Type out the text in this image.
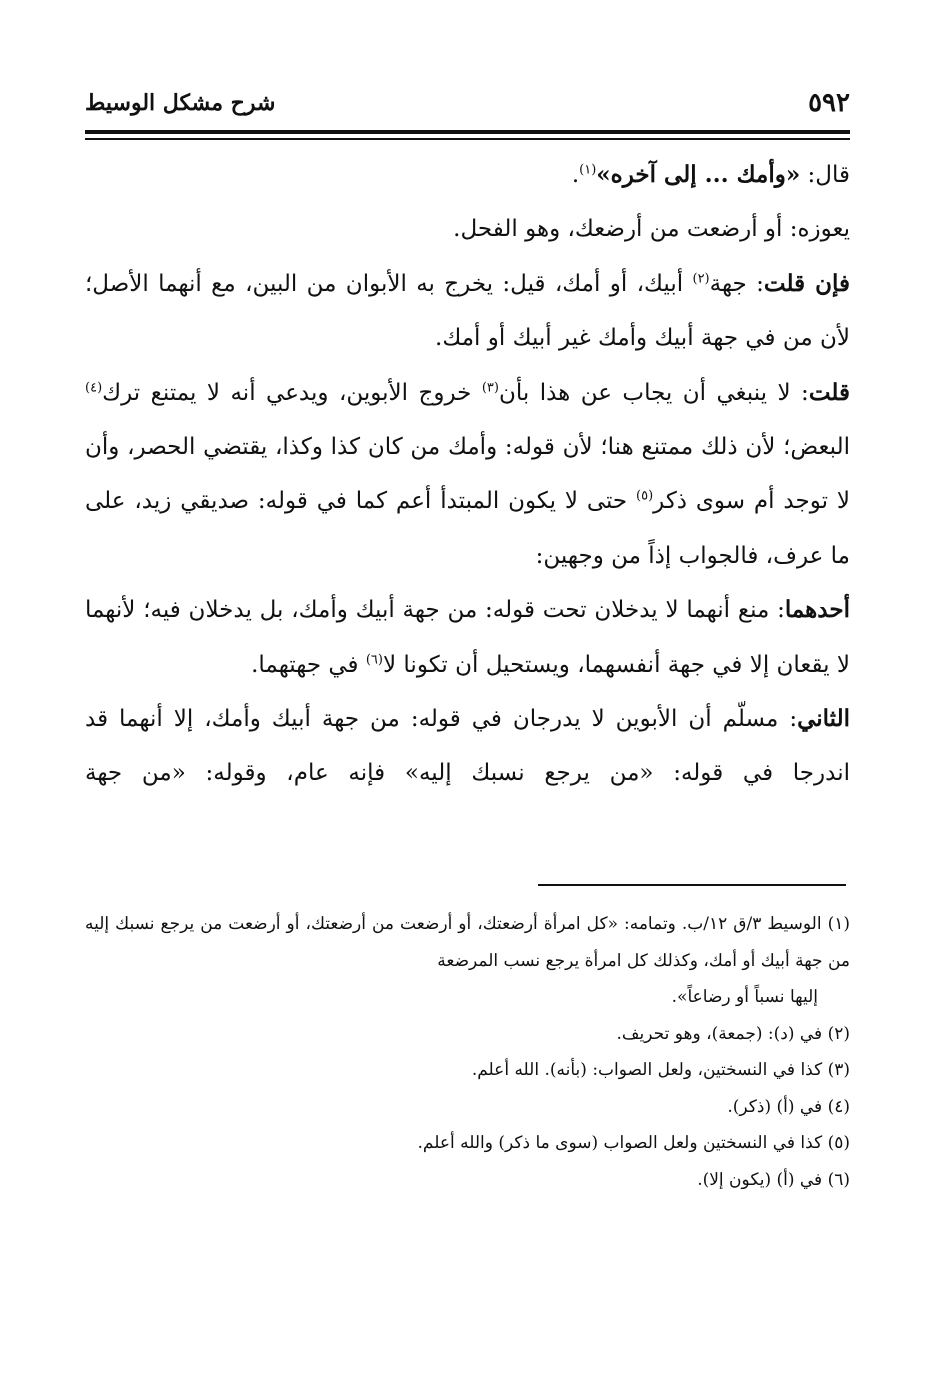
٥٩٢
شرح مشكل الوسيط

قال: «وأمك ... إلى آخره»$^{(١)}$.

يعوزه: أو أرضعت من أرضعك، وهو الفحل.

فإن قلت: جهة$^{(٢)}$ أبيك، أو أمك، قيل: يخرج به الأبوان من البين، مع أنهما الأصل؛ لأن من في جهة أبيك وأمك غير أبيك أو أمك.

قلت: لا ينبغي أن يجاب عن هذا بأن$^{(٣)}$ خروج الأبوين، ويدعي أنه لا يمتنع ترك$^{(٤)}$ البعض؛ لأن ذلك ممتنع هنا؛ لأن قوله: وأمك من كان كذا وكذا، يقتضي الحصر، وأن لا توجد أم سوى ذكر$^{(٥)}$ حتى لا يكون المبتدأ أعم كما في قوله: صديقي زيد، على ما عرف، فالجواب إذاً من وجهين:

أحدهما: منع أنهما لا يدخلان تحت قوله: من جهة أبيك وأمك، بل يدخلان فيه؛ لأنهما لا يقعان إلا في جهة أنفسهما، ويستحيل أن تكونا لا$^{(٦)}$ في جهتهما.

الثاني: مسلّم أن الأبوين لا يدرجان في قوله: من جهة أبيك وأمك، إلا أنهما قد اندرجا في قوله: «من يرجع نسبك إليه» فإنه عام، وقوله: «من جهة

(١) الوسيط ٣/ق ١٢/ب. وتمامه: «كل امرأة أرضعتك، أو أرضعت من أرضعتك، أو أرضعت من يرجع نسبك إليه من جهة أبيك أو أمك، وكذلك كل امرأة يرجع نسب المرضعة

إليها نسباً أو رضاعاً».

(٢) في (د): (جمعة)، وهو تحريف.

(٣) كذا في النسختين، ولعل الصواب: (بأنه). الله أعلم.

(٤) في (أ) (ذكر).

(٥) كذا في النسختين ولعل الصواب (سوى ما ذكر) والله أعلم.

(٦) في (أ) (يكون إلا).
